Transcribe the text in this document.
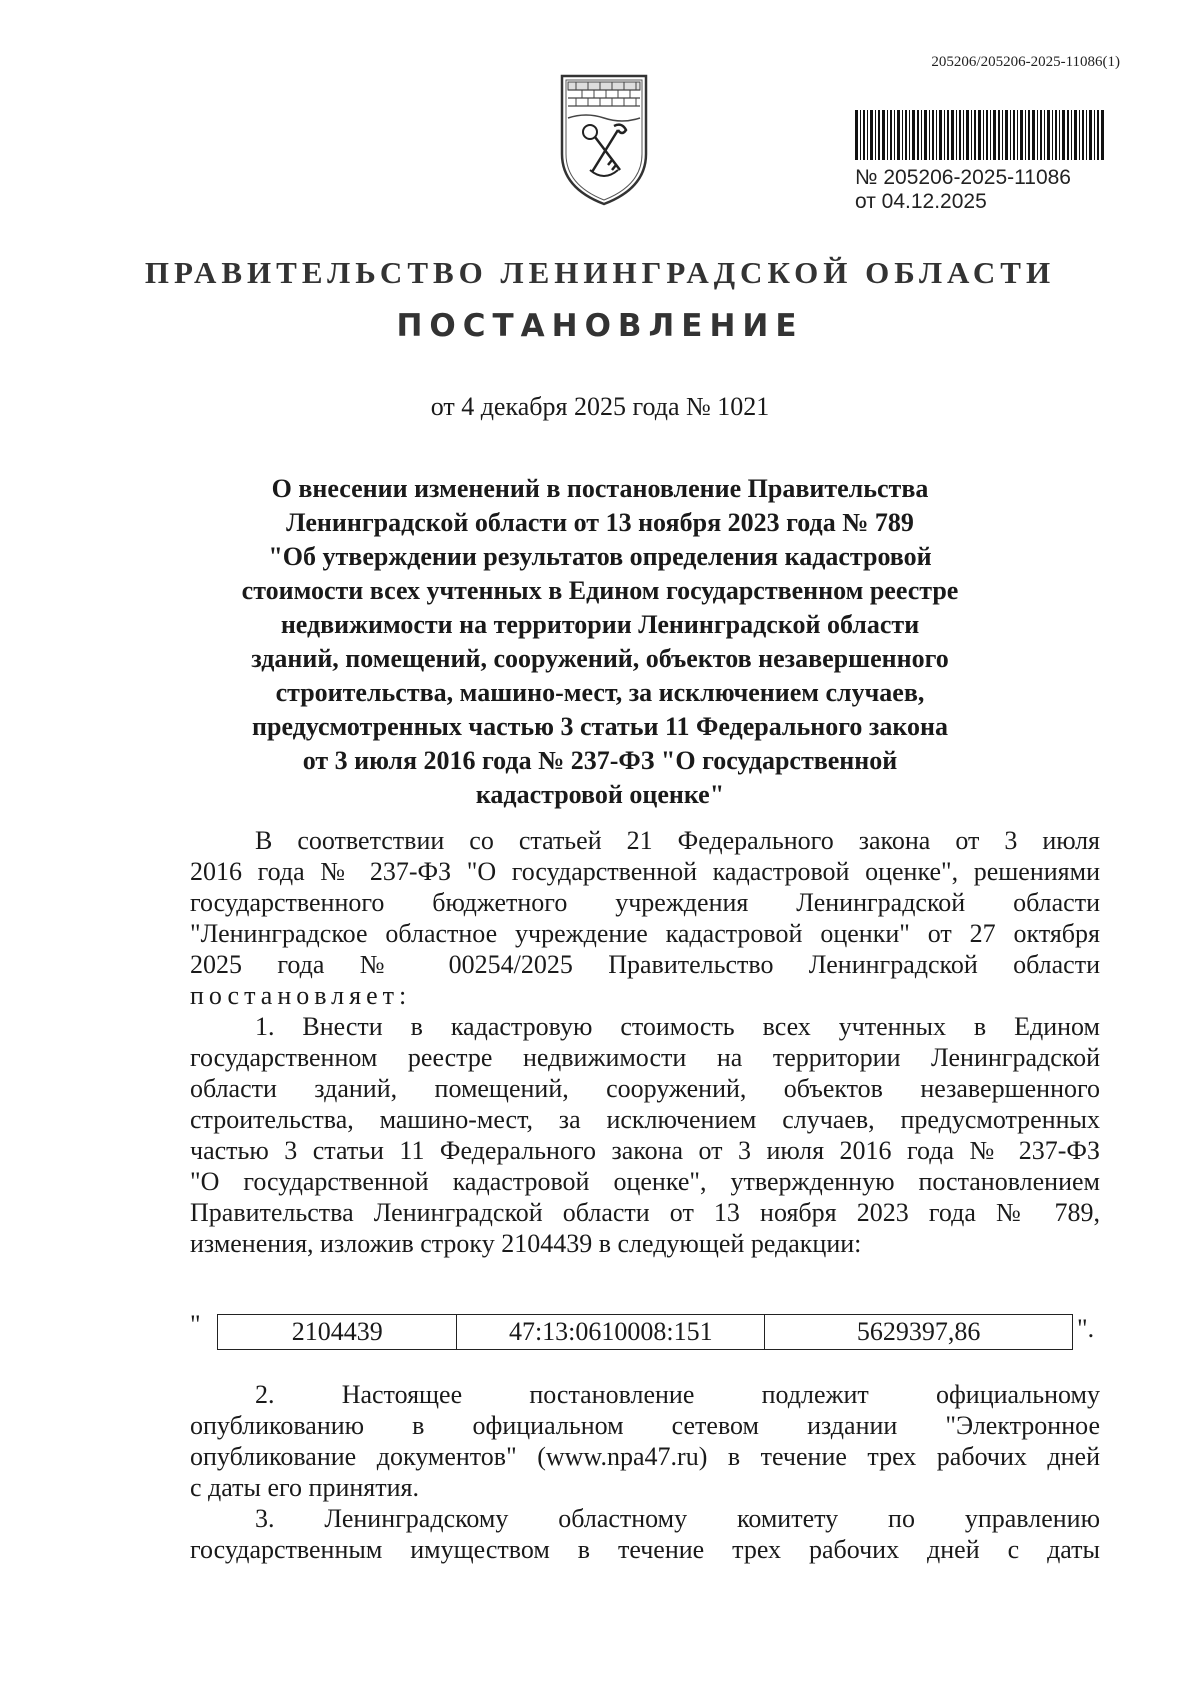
205206/205206-2025-11086(1)
№ 205206-2025-11086
от 04.12.2025
ПРАВИТЕЛЬСТВО ЛЕНИНГРАДСКОЙ ОБЛАСТИ
ПОСТАНОВЛЕНИЕ
от 4 декабря 2025 года № 1021
О внесении изменений в постановление Правительства
Ленинградской области от 13 ноября 2023 года № 789
"Об утверждении результатов определения кадастровой
стоимости всех учтенных в Едином государственном реестре
недвижимости на территории Ленинградской области
зданий, помещений, сооружений, объектов незавершенного
строительства, машино-мест, за исключением случаев,
предусмотренных частью 3 статьи 11 Федерального закона
от 3 июля 2016 года № 237-ФЗ "О государственной
кадастровой оценке"
В соответствии со статьей 21 Федерального закона от 3 июля
2016 года № 237-ФЗ "О государственной кадастровой оценке", решениями
государственного бюджетного учреждения Ленинградской области
"Ленинградское областное учреждение кадастровой оценки" от 27 октября
2025 года № 00254/2025 Правительство Ленинградской области
постановляет:
1. Внести в кадастровую стоимость всех учтенных в Едином
государственном реестре недвижимости на территории Ленинградской
области зданий, помещений, сооружений, объектов незавершенного
строительства, машино-мест, за исключением случаев, предусмотренных
частью 3 статьи 11 Федерального закона от 3 июля 2016 года № 237-ФЗ
"О государственной кадастровой оценке", утвержденную постановлением
Правительства Ленинградской области от 13 ноября 2023 года № 789,
изменения, изложив строку 2104439 в следующей редакции:
"	2104439	47:13:0610008:151	5629397,86	".
2. Настоящее постановление подлежит официальному
опубликованию в официальном сетевом издании "Электронное
опубликование документов" (www.npa47.ru) в течение трех рабочих дней
с даты его принятия.
3. Ленинградскому областному комитету по управлению
государственным имуществом в течение трех рабочих дней с даты
